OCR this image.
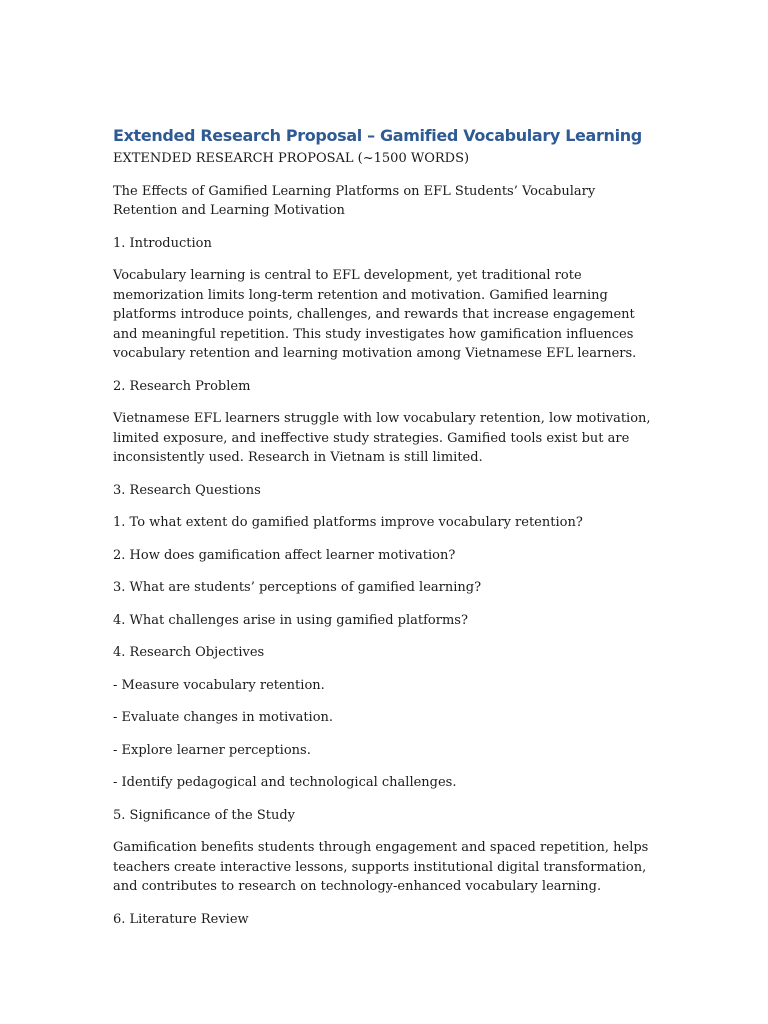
Extended Research Proposal – Gamified Vocabulary Learning

EXTENDED RESEARCH PROPOSAL (~1500 WORDS)

The Effects of Gamified Learning Platforms on EFL Students’ Vocabulary Retention and Learning Motivation

1. Introduction

Vocabulary learning is central to EFL development, yet traditional rote memorization limits long-term retention and motivation. Gamified learning platforms introduce points, challenges, and rewards that increase engagement and meaningful repetition. This study investigates how gamification influences vocabulary retention and learning motivation among Vietnamese EFL learners.

2. Research Problem

Vietnamese EFL learners struggle with low vocabulary retention, low motivation, limited exposure, and ineffective study strategies. Gamified tools exist but are inconsistently used. Research in Vietnam is still limited.

3. Research Questions

1. To what extent do gamified platforms improve vocabulary retention?

2. How does gamification affect learner motivation?

3. What are students’ perceptions of gamified learning?

4. What challenges arise in using gamified platforms?

4. Research Objectives

- Measure vocabulary retention.

- Evaluate changes in motivation.

- Explore learner perceptions.

- Identify pedagogical and technological challenges.

5. Significance of the Study

Gamification benefits students through engagement and spaced repetition, helps teachers create interactive lessons, supports institutional digital transformation, and contributes to research on technology-enhanced vocabulary learning.

6. Literature Review
